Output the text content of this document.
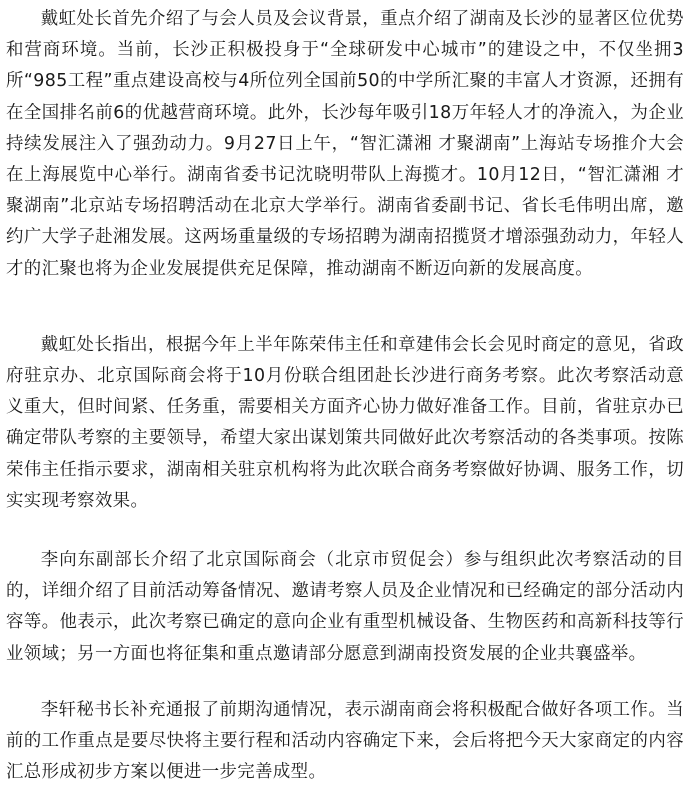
戴虹处长首先介绍了与会人员及会议背景，重点介绍了湖南及长沙的显著区位优势和营商环境。当前，长沙正积极投身于“全球研发中心城市”的建设之中，不仅坐拥3所“985工程”重点建设高校与4所位列全国前50的中学所汇聚的丰富人才资源，还拥有在全国排名前6的优越营商环境。此外，长沙每年吸引18万年轻人才的净流入，为企业持续发展注入了强劲动力。9月27日上午，“智汇潇湘 才聚湖南”上海站专场推介大会在上海展览中心举行。湖南省委书记沈晓明带队上海揽才。10月12日，“智汇潇湘 才聚湖南”北京站专场招聘活动在北京大学举行。湖南省委副书记、省长毛伟明出席，邀约广大学子赴湘发展。这两场重量级的专场招聘为湖南招揽贤才增添强劲动力，年轻人才的汇聚也将为企业发展提供充足保障，推动湖南不断迈向新的发展高度。

戴虹处长指出，根据今年上半年陈荣伟主任和章建伟会长会见时商定的意见，省政府驻京办、北京国际商会将于10月份联合组团赴长沙进行商务考察。此次考察活动意义重大，但时间紧、任务重，需要相关方面齐心协力做好准备工作。目前，省驻京办已确定带队考察的主要领导，希望大家出谋划策共同做好此次考察活动的各类事项。按陈荣伟主任指示要求，湖南相关驻京机构将为此次联合商务考察做好协调、服务工作，切实实现考察效果。

李向东副部长介绍了北京国际商会（北京市贸促会）参与组织此次考察活动的目的，详细介绍了目前活动筹备情况、邀请考察人员及企业情况和已经确定的部分活动内容等。他表示，此次考察已确定的意向企业有重型机械设备、生物医药和高新科技等行业领域；另一方面也将征集和重点邀请部分愿意到湖南投资发展的企业共襄盛举。

李轩秘书长补充通报了前期沟通情况，表示湖南商会将积极配合做好各项工作。当前的工作重点是要尽快将主要行程和活动内容确定下来，会后将把今天大家商定的内容汇总形成初步方案以便进一步完善成型。
